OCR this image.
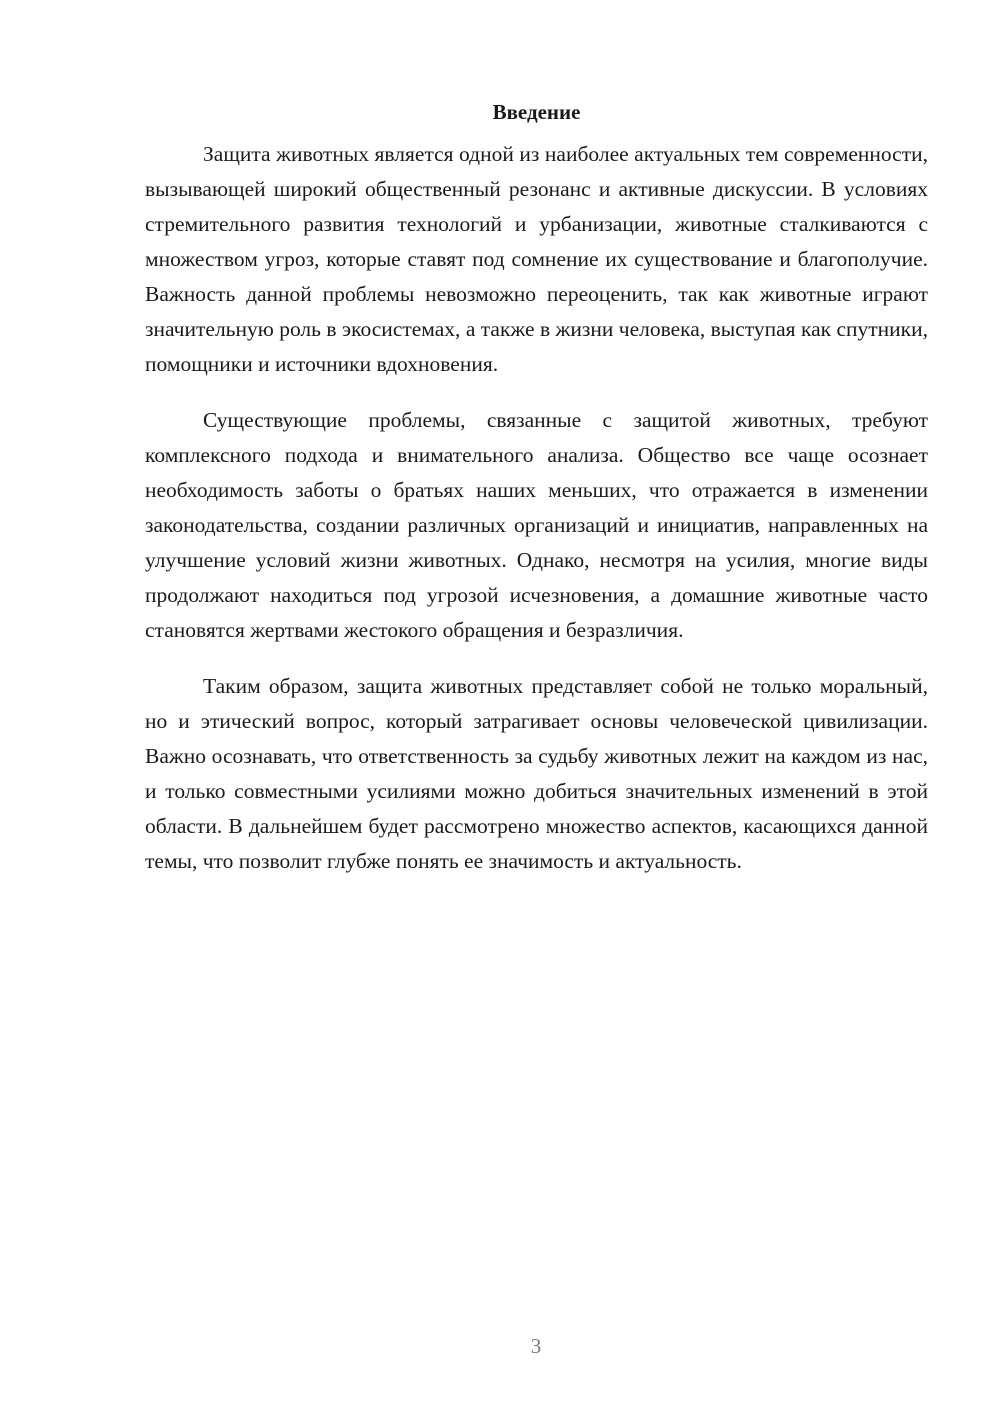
Введение

Защита животных является одной из наиболее актуальных тем современности, вызывающей широкий общественный резонанс и активные дискуссии. В условиях стремительного развития технологий и урбанизации, животные сталкиваются с множеством угроз, которые ставят под сомнение их существование и благополучие. Важность данной проблемы невозможно переоценить, так как животные играют значительную роль в экосистемах, а также в жизни человека, выступая как спутники, помощники и источники вдохновения.

Существующие проблемы, связанные с защитой животных, требуют комплексного подхода и внимательного анализа. Общество все чаще осознает необходимость заботы о братьях наших меньших, что отражается в изменении законодательства, создании различных организаций и инициатив, направленных на улучшение условий жизни животных. Однако, несмотря на усилия, многие виды продолжают находиться под угрозой исчезновения, а домашние животные часто становятся жертвами жестокого обращения и безразличия.

Таким образом, защита животных представляет собой не только моральный, но и этический вопрос, который затрагивает основы человеческой цивилизации. Важно осознавать, что ответственность за судьбу животных лежит на каждом из нас, и только совместными усилиями можно добиться значительных изменений в этой области. В дальнейшем будет рассмотрено множество аспектов, касающихся данной темы, что позволит глубже понять ее значимость и актуальность.

3
